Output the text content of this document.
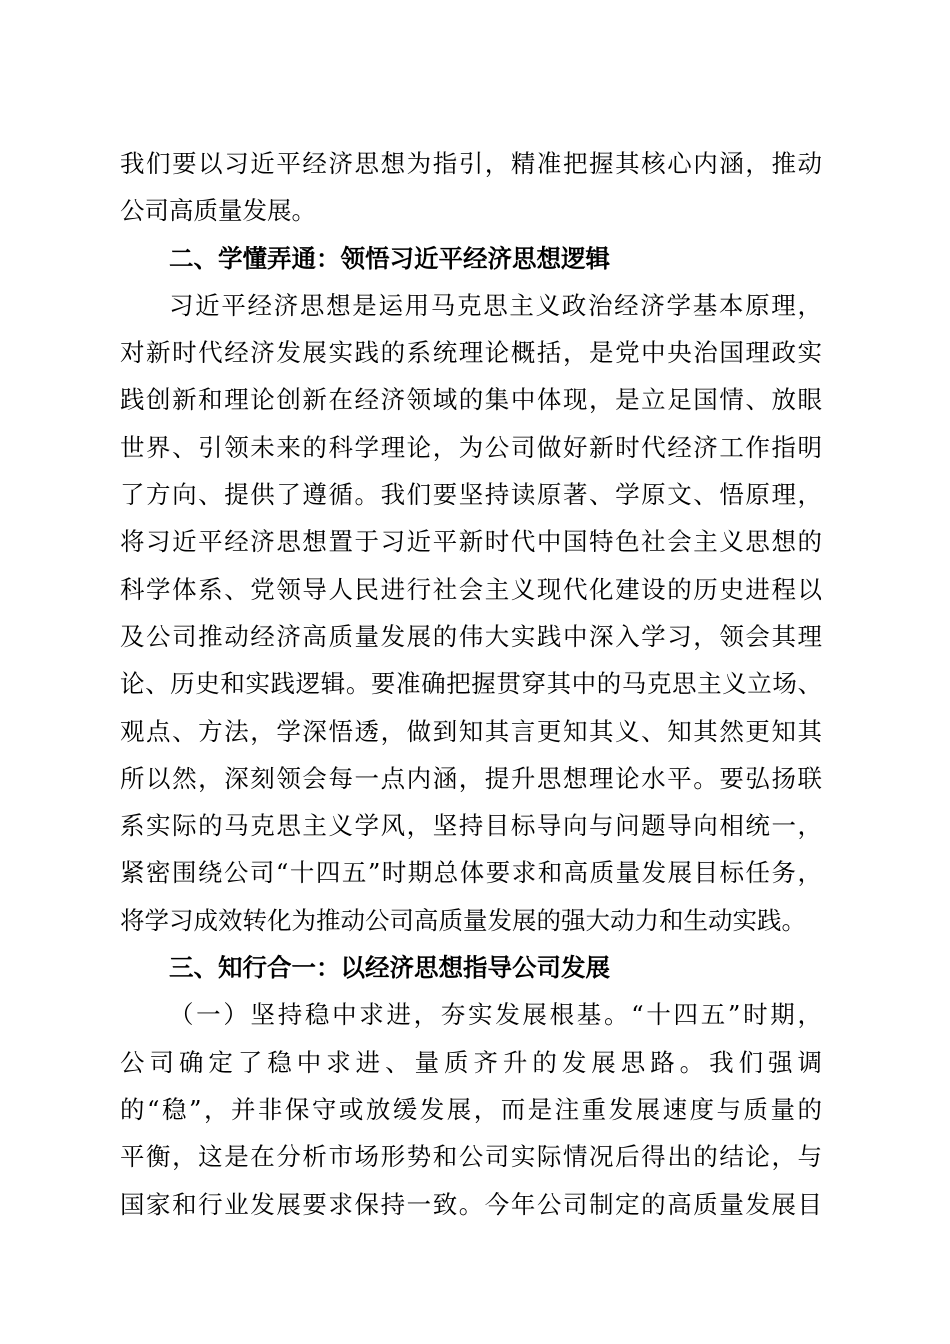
我们要以习近平经济思想为指引，精准把握其核心内涵，推动
公司高质量发展。
二、学懂弄通：领悟习近平经济思想逻辑
习近平经济思想是运用马克思主义政治经济学基本原理，
对新时代经济发展实践的系统理论概括，是党中央治国理政实
践创新和理论创新在经济领域的集中体现，是立足国情、放眼
世界、引领未来的科学理论，为公司做好新时代经济工作指明
了方向、提供了遵循。我们要坚持读原著、学原文、悟原理，
将习近平经济思想置于习近平新时代中国特色社会主义思想的
科学体系、党领导人民进行社会主义现代化建设的历史进程以
及公司推动经济高质量发展的伟大实践中深入学习，领会其理
论、历史和实践逻辑。要准确把握贯穿其中的马克思主义立场、
观点、方法，学深悟透，做到知其言更知其义、知其然更知其
所以然，深刻领会每一点内涵，提升思想理论水平。要弘扬联
系实际的马克思主义学风，坚持目标导向与问题导向相统一，
紧密围绕公司“十四五”时期总体要求和高质量发展目标任务，
将学习成效转化为推动公司高质量发展的强大动力和生动实践。
三、知行合一：以经济思想指导公司发展
（一）坚持稳中求进，夯实发展根基。“十四五”时期，
公司确定了稳中求进、量质齐升的发展思路。我们强调
的“稳”，并非保守或放缓发展，而是注重发展速度与质量的
平衡，这是在分析市场形势和公司实际情况后得出的结论，与
国家和行业发展要求保持一致。今年公司制定的高质量发展目
